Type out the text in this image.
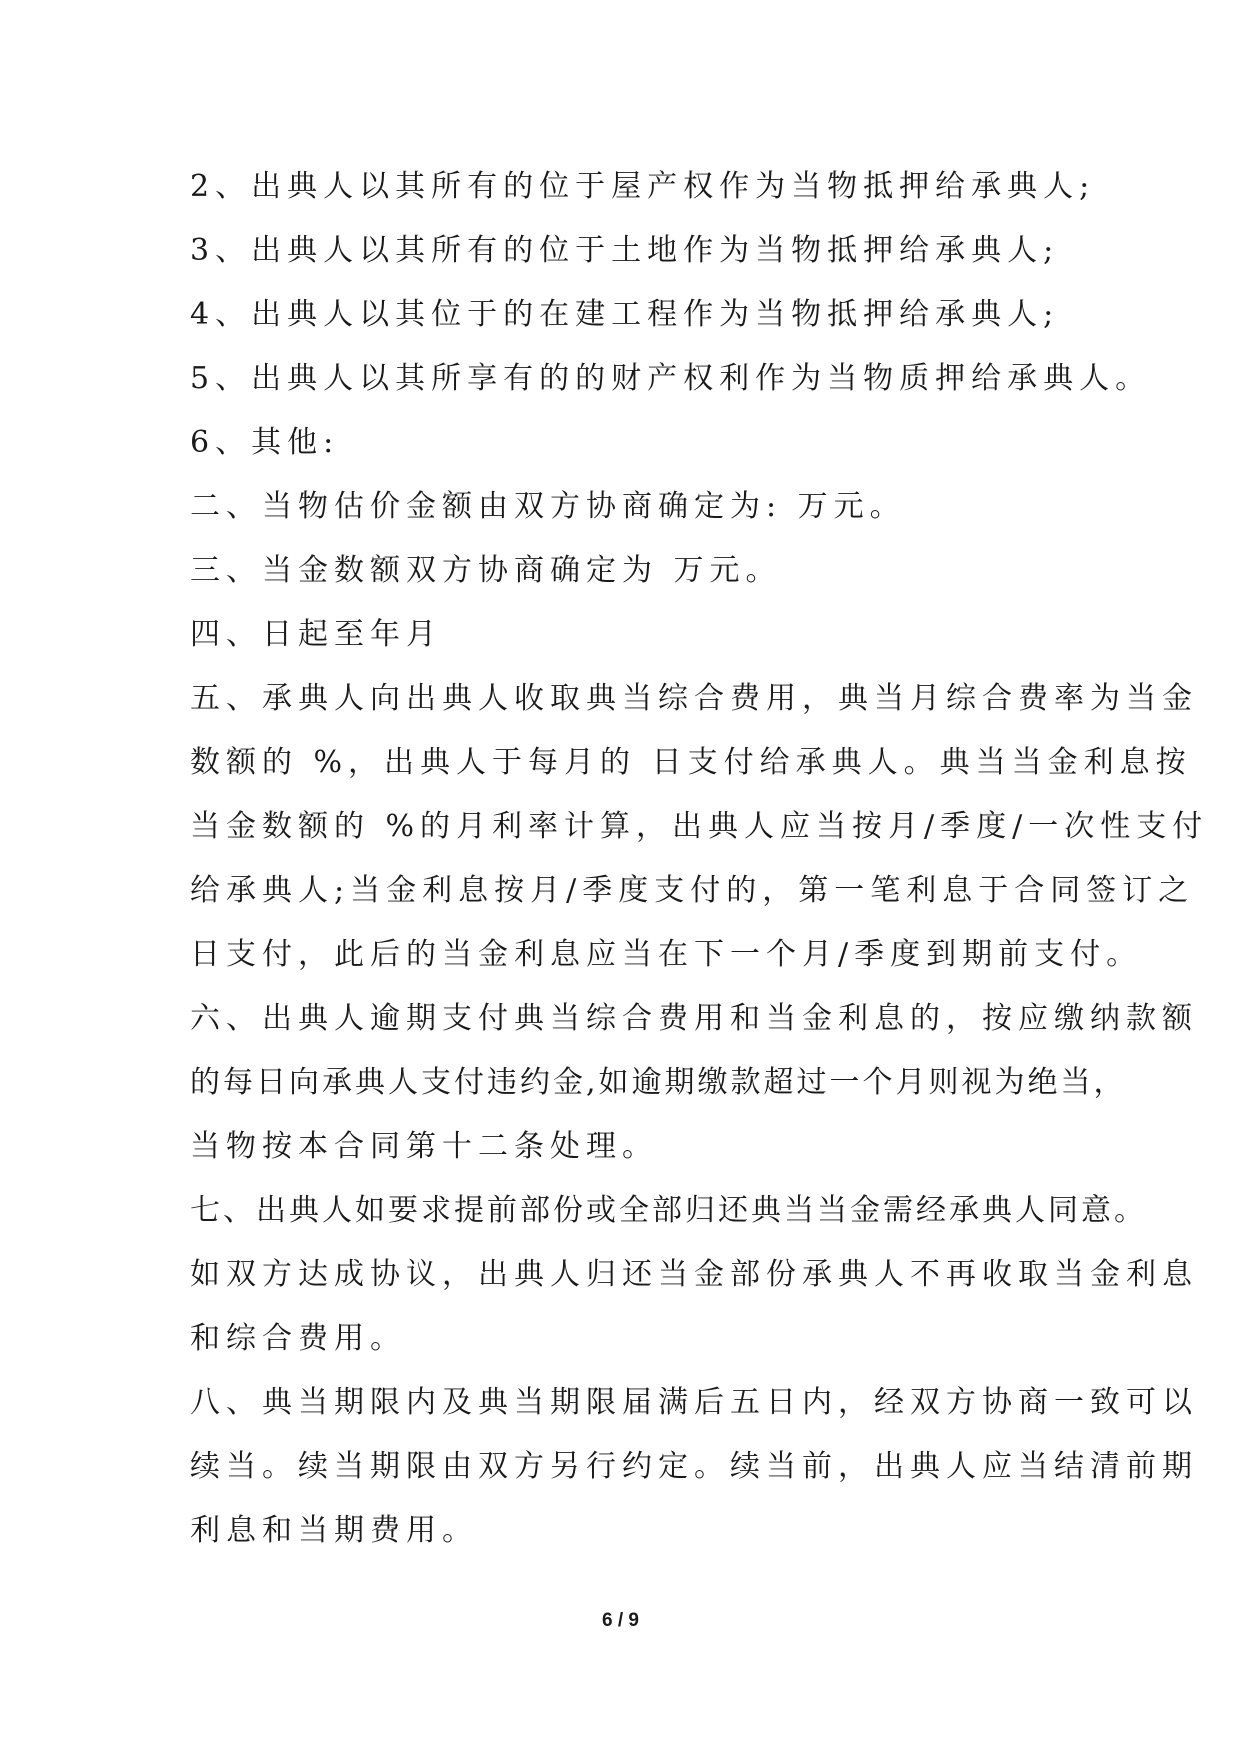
2、出典人以其所有的位于屋产权作为当物抵押给承典人;
3、出典人以其所有的位于土地作为当物抵押给承典人;
4、出典人以其位于的在建工程作为当物抵押给承典人;
5、出典人以其所享有的的财产权利作为当物质押给承典人。
6、其他:
二、当物估价金额由双方协商确定为: 万元。
三、当金数额双方协商确定为 万元。
四、日起至年月
五、承典人向出典人收取典当综合费用，典当月综合费率为当金
数额的 %，出典人于每月的 日支付给承典人。典当当金利息按
当金数额的 %的月利率计算，出典人应当按月/季度/一次性支付
给承典人;当金利息按月/季度支付的，第一笔利息于合同签订之
日支付，此后的当金利息应当在下一个月/季度到期前支付。
六、出典人逾期支付典当综合费用和当金利息的，按应缴纳款额
的每日向承典人支付违约金,如逾期缴款超过一个月则视为绝当，
当物按本合同第十二条处理。
七、出典人如要求提前部份或全部归还典当当金需经承典人同意。
如双方达成协议，出典人归还当金部份承典人不再收取当金利息
和综合费用。
八、典当期限内及典当期限届满后五日内，经双方协商一致可以
续当。续当期限由双方另行约定。续当前，出典人应当结清前期
利息和当期费用。
6 / 9
